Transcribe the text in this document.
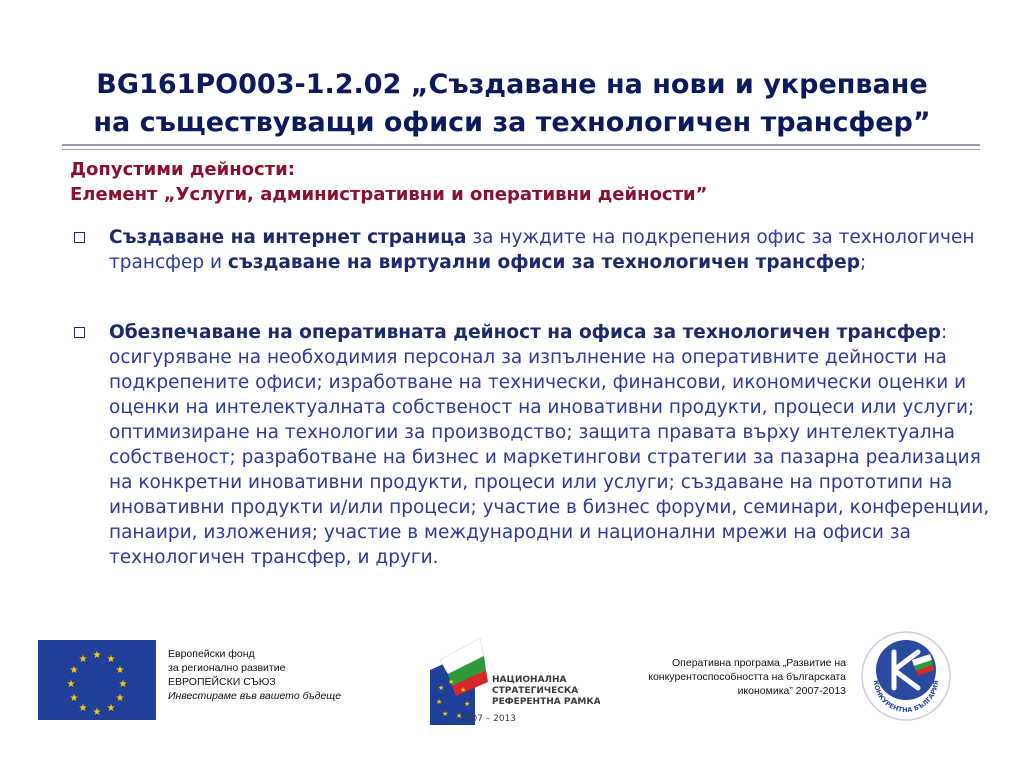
BG161PO003-1.2.02 „Създаване на нови и укрепване
на съществуващи офиси за технологичен трансфер”
Допустими дейности:
Елемент „Услуги, административни и оперативни дейности”
Създаване на интернет страница за нуждите на подкрепения офис за технологичен трансфер и създаване на виртуални офиси за технологичен трансфер;
Обезпечаване на оперативната дейност на офиса за технологичен трансфер: осигуряване на необходимия персонал за изпълнение на оперативните дейности на подкрепените офиси; изработване на технически, финансови, икономически оценки и оценки на интелектуалната собственост на иновативни продукти, процеси или услуги; оптимизиране на технологии за производство; защита правата върху интелектуална собственост; разработване на бизнес и маркетингови стратегии за пазарна реализация на конкретни иновативни продукти, процеси или услуги; създаване на прототипи на иновативни продукти и/или процеси; участие в бизнес форуми, семинари, конференции, панаири, изложения; участие в международни и национални мрежи на офиси за технологичен трансфер, и други.
★ ★
★
★
★
★
★
★
★
★
★
★	Европейски фонд
за регионално развитие
ЕВРОПЕЙСКИ СЪЮЗ
Инвестираме във вашето бъдеще
★
★
★
★	★
★ ★
НАЦИОНАЛНА
СТРАТЕГИЧЕСКА
РЕФЕРЕНТНА РАМКА
2007 – 2013
Оперативна програма „Развитие на
конкурентоспособността на българската
икономика” 2007-2013
КОНКУРЕНТНА БЪЛГАРИЯ
